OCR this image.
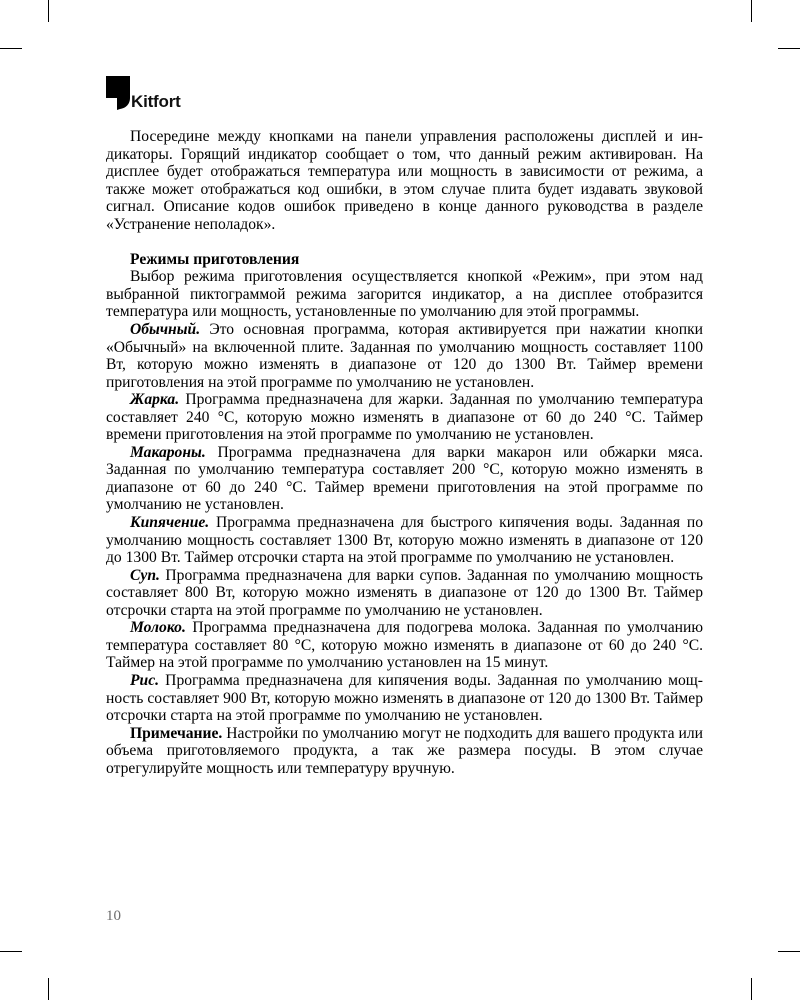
Kitfort

Посередине между кнопками на панели управления расположены дисплей и индикаторы. Горящий индикатор сообщает о том, что данный режим активирован. На дисплее будет отображаться температура или мощность в зависимости от режима, а также может отображаться код ошибки, в этом случае плита будет издавать звуковой сигнал. Описание кодов ошибок приведено в конце данного руководства в разделе «Устранение неполадок».

Режимы приготовления

Выбор режима приготовления осуществляется кнопкой «Режим», при этом над выбранной пиктограммой режима загорится индикатор, а на дисплее отобразится температура или мощность, установленные по умолчанию для этой программы.

Обычный. Это основная программа, которая активируется при нажатии кнопки «Обычный» на включенной плите. Заданная по умолчанию мощность составляет 1100 Вт, которую можно изменять в диапазоне от 120 до 1300 Вт. Таймер времени приготовления на этой программе по умолчанию не установлен.

Жарка. Программа предназначена для жарки. Заданная по умолчанию температура составляет 240 °С, которую можно изменять в диапазоне от 60 до 240 °С. Таймер времени приготовления на этой программе по умолчанию не установлен.

Макароны. Программа предназначена для варки макарон или обжарки мяса. Заданная по умолчанию температура составляет 200 °С, которую можно изменять в диапазоне от 60 до 240 °С. Таймер времени приготовления на этой программе по умолчанию не установлен.

Кипячение. Программа предназначена для быстрого кипячения воды. Заданная по умолчанию мощность составляет 1300 Вт, которую можно изменять в диапазоне от 120 до 1300 Вт. Таймер отсрочки старта на этой программе по умолчанию не установлен.

Суп. Программа предназначена для варки супов. Заданная по умолчанию мощность составляет 800 Вт, которую можно изменять в диапазоне от 120 до 1300 Вт. Таймер отсрочки старта на этой программе по умолчанию не установлен.

Молоко. Программа предназначена для подогрева молока. Заданная по умолчанию температура составляет 80 °С, которую можно изменять в диапазоне от 60 до 240 °С. Таймер на этой программе по умолчанию установлен на 15 минут.

Рис. Программа предназначена для кипячения воды. Заданная по умолчанию мощность составляет 900 Вт, которую можно изменять в диапазоне от 120 до 1300 Вт. Таймер отсрочки старта на этой программе по умолчанию не установлен.

Примечание. Настройки по умолчанию могут не подходить для вашего продукта или объема приготовляемого продукта, а так же размера посуды. В этом случае отрегулируйте мощность или температуру вручную.

10
